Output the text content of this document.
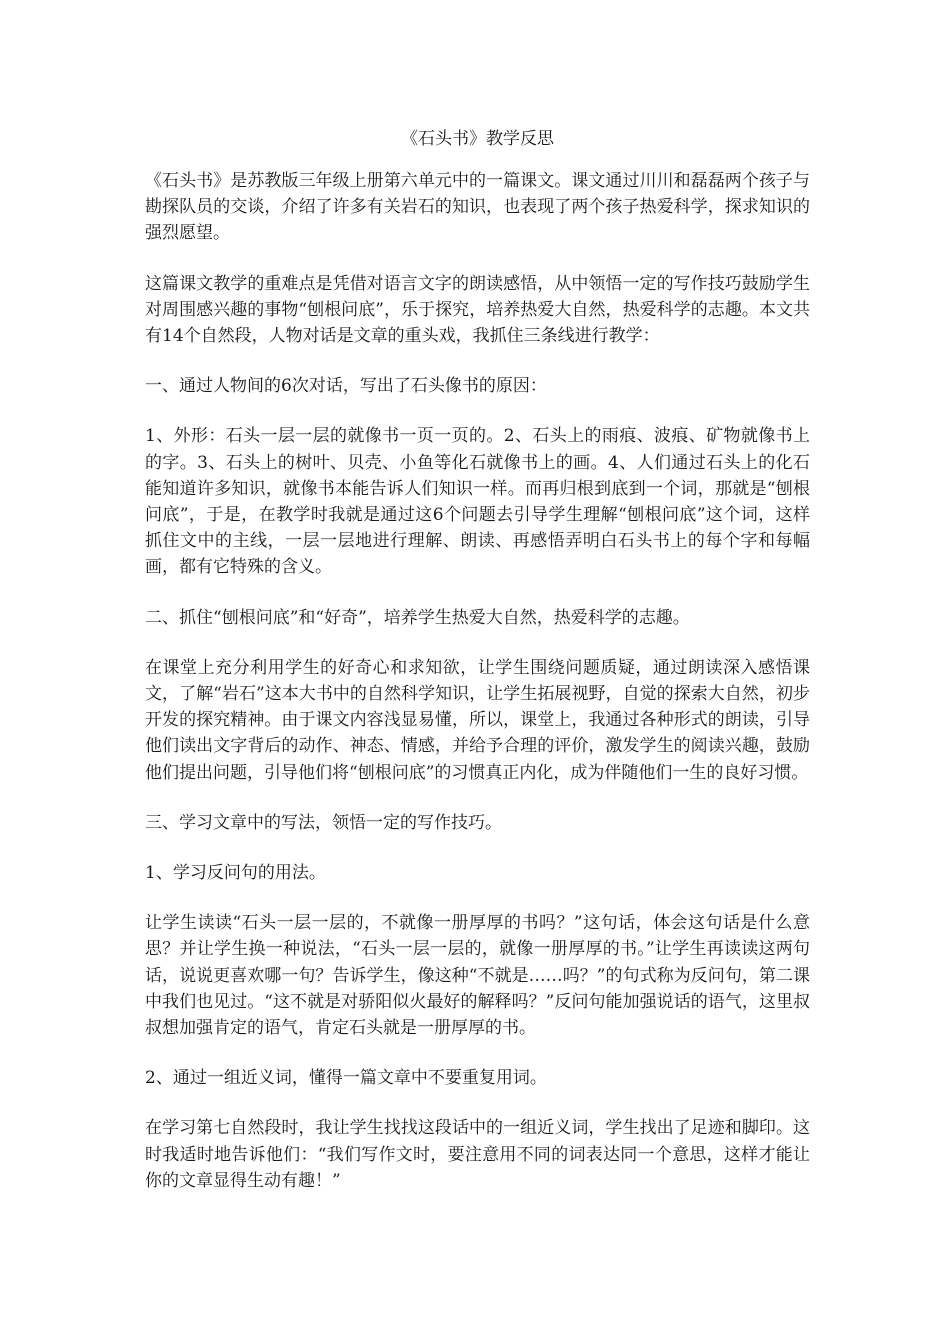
《石头书》教学反思

《石头书》是苏教版三年级上册第六单元中的一篇课文。课文通过川川和磊磊两个孩子与勘探队员的交谈，介绍了许多有关岩石的知识，也表现了两个孩子热爱科学，探求知识的强烈愿望。

这篇课文教学的重难点是凭借对语言文字的朗读感悟，从中领悟一定的写作技巧鼓励学生对周围感兴趣的事物“刨根问底”，乐于探究，培养热爱大自然，热爱科学的志趣。本文共有14个自然段，人物对话是文章的重头戏，我抓住三条线进行教学：

一、通过人物间的6次对话，写出了石头像书的原因：

1、外形：石头一层一层的就像书一页一页的。2、石头上的雨痕、波痕、矿物就像书上的字。3、石头上的树叶、贝壳、小鱼等化石就像书上的画。4、人们通过石头上的化石能知道许多知识，就像书本能告诉人们知识一样。而再归根到底到一个词，那就是“刨根问底”，于是，在教学时我就是通过这6个问题去引导学生理解“刨根问底”这个词，这样抓住文中的主线，一层一层地进行理解、朗读、再感悟弄明白石头书上的每个字和每幅画，都有它特殊的含义。

二、抓住“刨根问底”和“好奇”，培养学生热爱大自然，热爱科学的志趣。

在课堂上充分利用学生的好奇心和求知欲，让学生围绕问题质疑，通过朗读深入感悟课文，了解“岩石”这本大书中的自然科学知识，让学生拓展视野，自觉的探索大自然，初步开发的探究精神。由于课文内容浅显易懂，所以，课堂上，我通过各种形式的朗读，引导他们读出文字背后的动作、神态、情感，并给予合理的评价，激发学生的阅读兴趣，鼓励他们提出问题，引导他们将“刨根问底”的习惯真正内化，成为伴随他们一生的良好习惯。

三、学习文章中的写法，领悟一定的写作技巧。

1、学习反问句的用法。

让学生读读“石头一层一层的，不就像一册厚厚的书吗？”这句话，体会这句话是什么意思？并让学生换一种说法，“石头一层一层的，就像一册厚厚的书。”让学生再读读这两句话，说说更喜欢哪一句？告诉学生，像这种“不就是……吗？”的句式称为反问句，第二课中我们也见过。“这不就是对骄阳似火最好的解释吗？”反问句能加强说话的语气，这里叔叔想加强肯定的语气，肯定石头就是一册厚厚的书。

2、通过一组近义词，懂得一篇文章中不要重复用词。

在学习第七自然段时，我让学生找找这段话中的一组近义词，学生找出了足迹和脚印。这时我适时地告诉他们：“我们写作文时，要注意用不同的词表达同一个意思，这样才能让你的文章显得生动有趣！”
